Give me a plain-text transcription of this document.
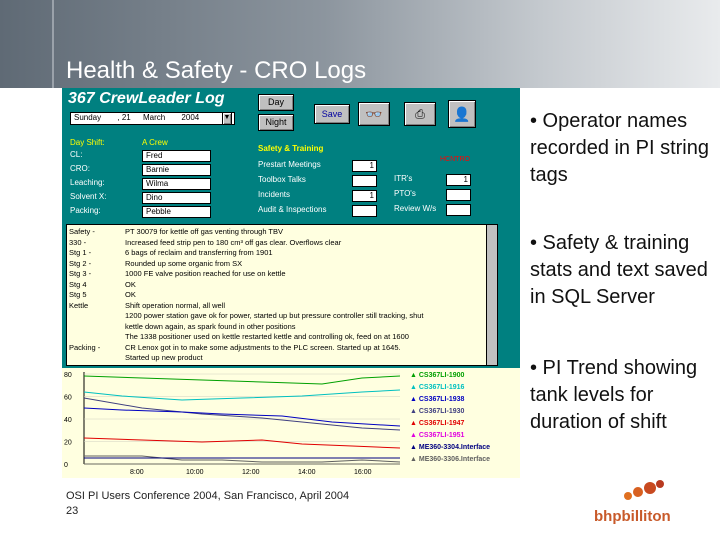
Health & Safety - CRO Logs
367 CrewLeader Log
Sunday , 21 March 2004	▼
Day
Night
Save	👓	⎙	👤
Day Shift:	A Crew
Safety & Training
HCNTRO
Safety -	PT 30079 for kettle off gas venting through TBV
330 -	Increased feed strip pen to 180 cm³ off gas clear. Overflows clear
Stg 1 -	6 bags of reclaim and transferring from 1901
Stg 2 -	Rounded up some organic from SX
Stg 3 -	1000 FE valve position reached for use on kettle
Stg 4	OK
Stg 5	OK
Kettle	Shift operation normal, all well
1200 power station gave ok for power, started up but pressure controller still tracking, shut
kettle down again, as spark found in other positions
The 1338 positioner used on kettle restarted kettle and controlling ok, feed on at 1600
Packing -	CR Lenox got in to make some adjustments to the PLC screen. Started up at 1645.
Started up new product
80
60
40
20
0
8:00	10:00	12:00	14:00	16:00
▲ CS367LI-1900
▲ CS367LI-1916
▲ CS367LI-1938
▲ CS367LI-1930
▲ CS367LI-1947
▲ CS367LI-1951
▲ ME360-3304.Interface
▲ ME360-3306.Interface
CL:	Fred
CRO:	Barnie
Leaching:	Wilma
Solvent X:	Dino
Packing:	Pebble
Prestart Meetings	1
Toolbox Talks
Incidents	1
Audit & Inspections
ITR's	1
PTO's
Review W/s
• Operator names recorded in PI string tags
• Safety & training stats and text saved in SQL Server
• PI Trend showing tank levels for duration of shift
OSI PI Users Conference 2004, San Francisco, April 2004
23	bhpbilliton
